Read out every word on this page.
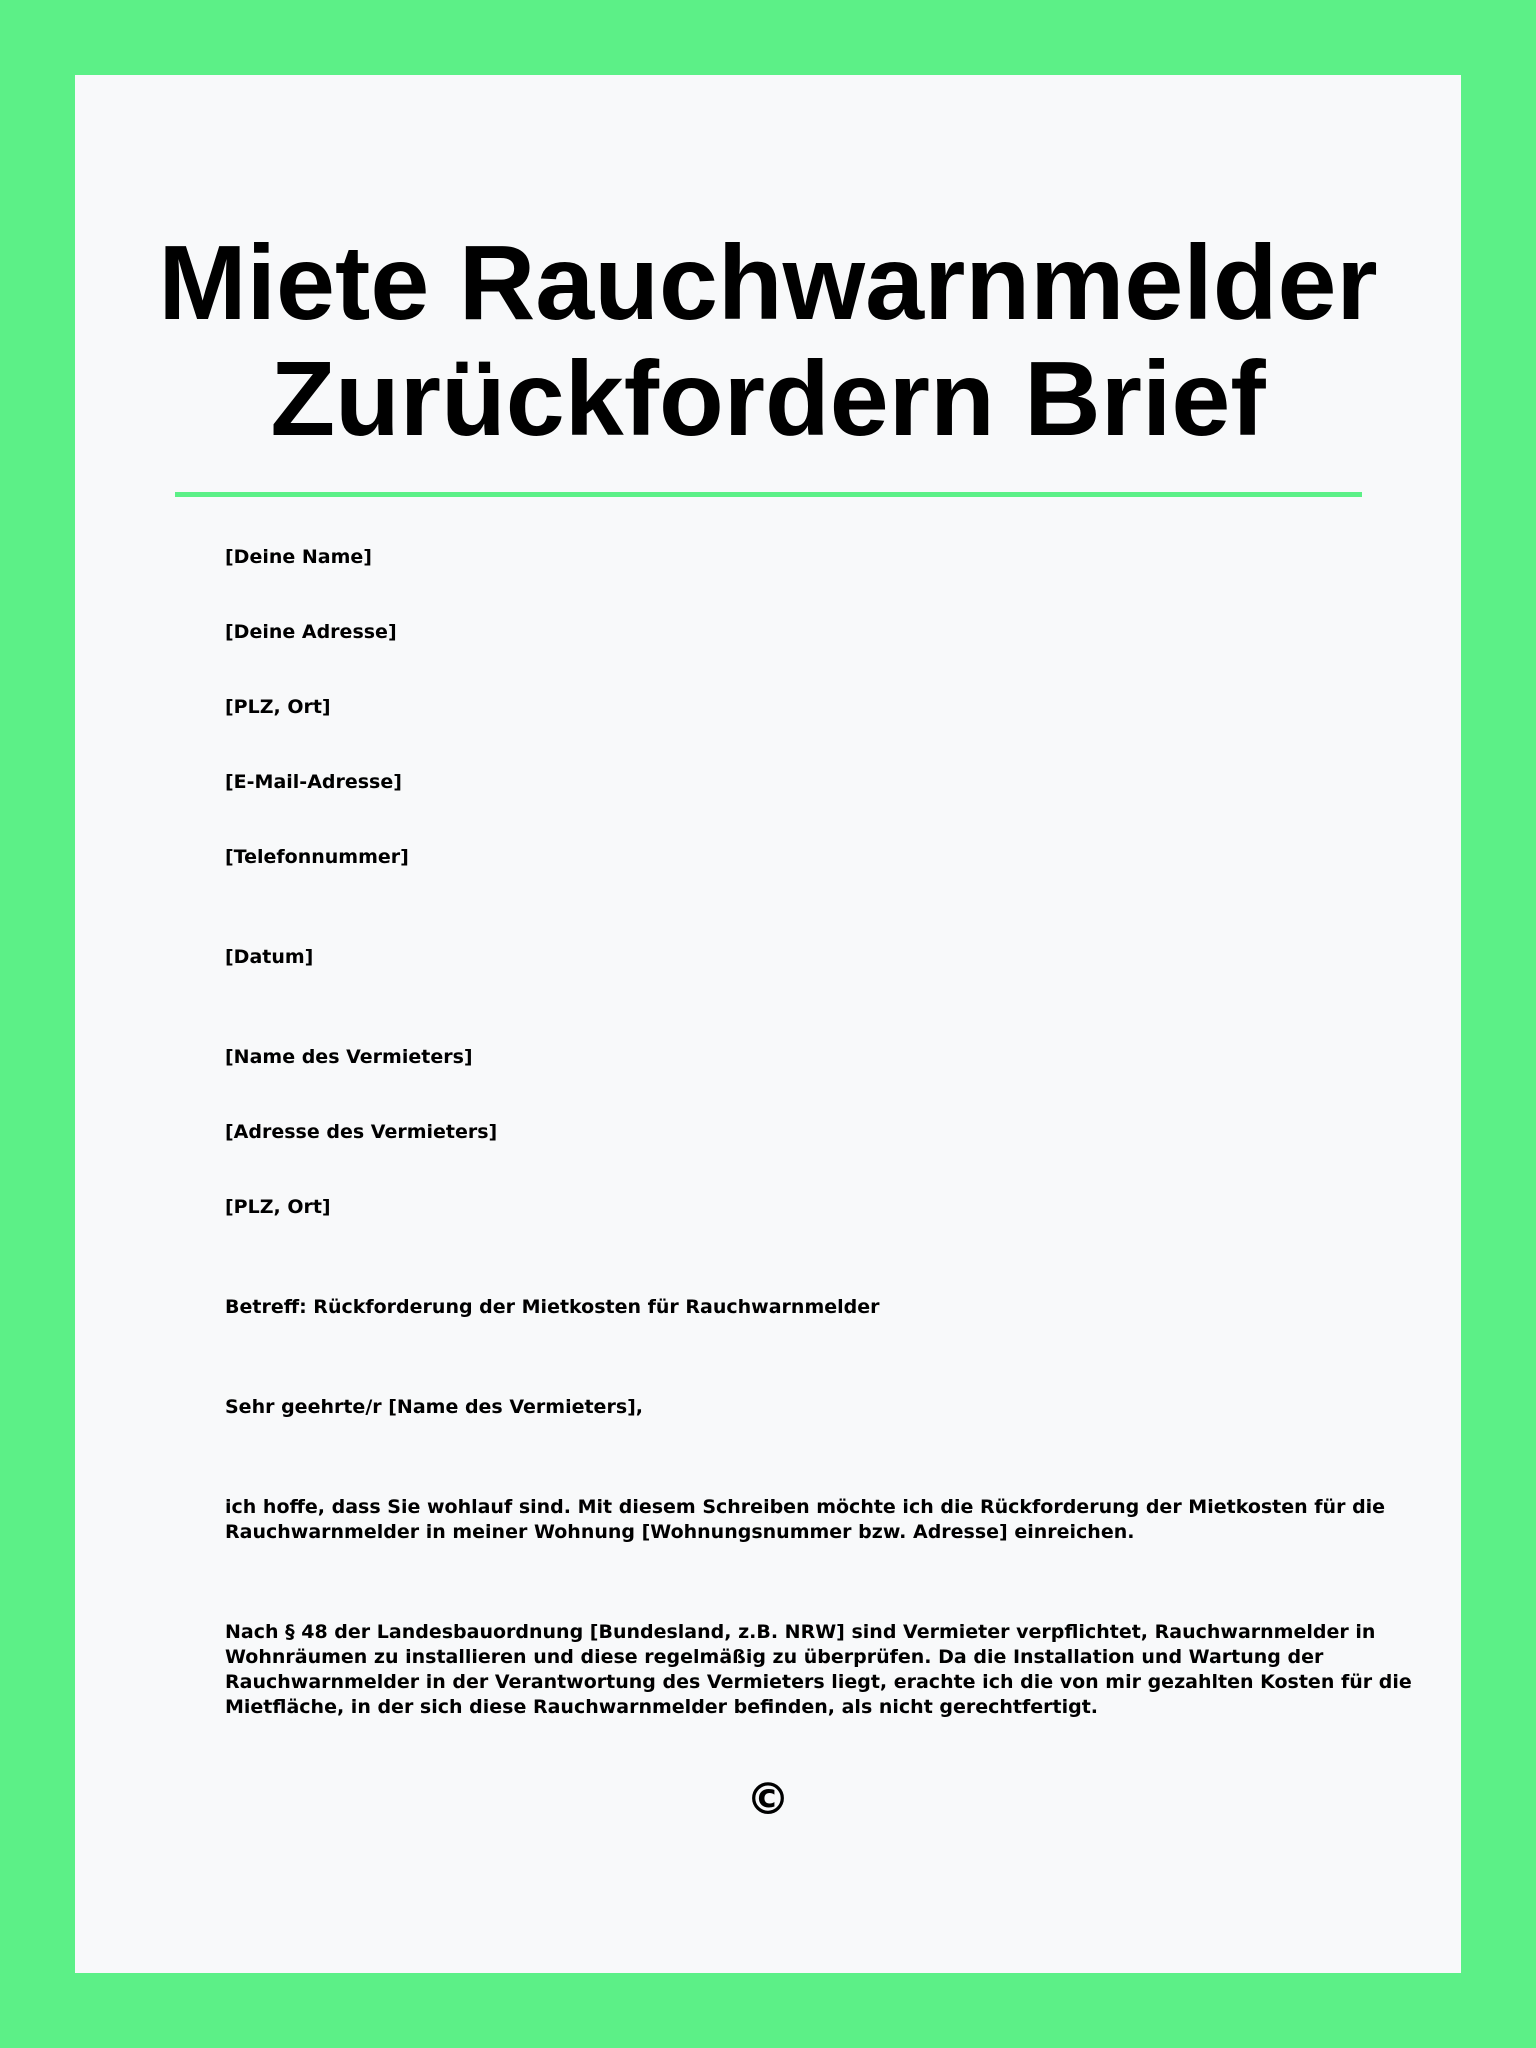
Miete Rauchwarnmelder
Zurückfordern Brief

[Deine Name]

[Deine Adresse]

[PLZ, Ort]

[E-Mail-Adresse]

[Telefonnummer]

[Datum]

[Name des Vermieters]

[Adresse des Vermieters]

[PLZ, Ort]

Betreff: Rückforderung der Mietkosten für Rauchwarnmelder

Sehr geehrte/r [Name des Vermieters],

ich hoffe, dass Sie wohlauf sind. Mit diesem Schreiben möchte ich die Rückforderung der Mietkosten für die
Rauchwarnmelder in meiner Wohnung [Wohnungsnummer bzw. Adresse] einreichen.
Nach § 48 der Landesbauordnung [Bundesland, z.B. NRW] sind Vermieter verpflichtet, Rauchwarnmelder in
Wohnräumen zu installieren und diese regelmäßig zu überprüfen. Da die Installation und Wartung der
Rauchwarnmelder in der Verantwortung des Vermieters liegt, erachte ich die von mir gezahlten Kosten für die
Mietfläche, in der sich diese Rauchwarnmelder befinden, als nicht gerechtfertigt.
©
